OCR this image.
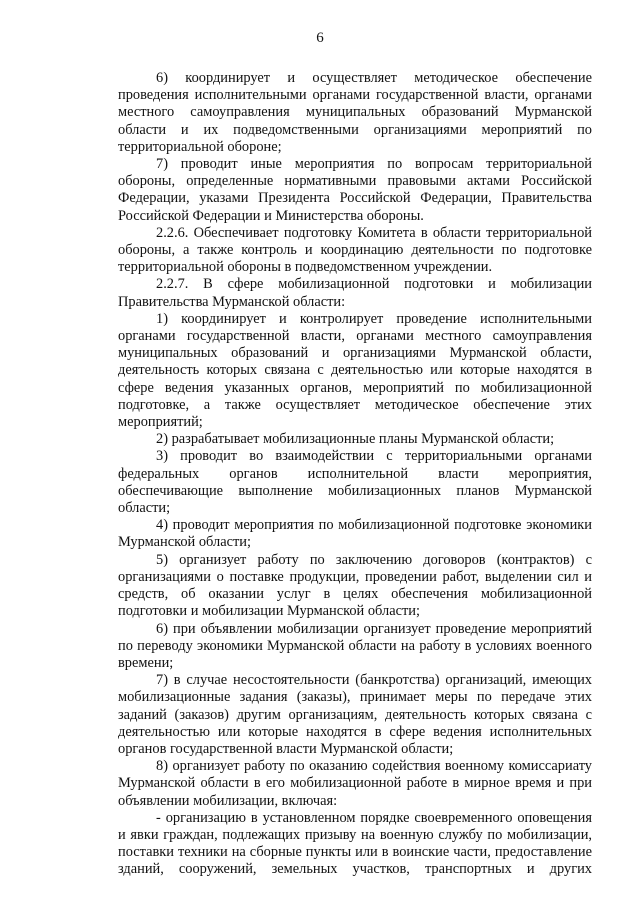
6

6) координирует и осуществляет методическое обеспечение проведения исполнительными органами государственной власти, органами местного самоуправления муниципальных образований Мурманской области и их подведомственными организациями мероприятий по территориальной обороне;

7) проводит иные мероприятия по вопросам территориальной обороны, определенные нормативными правовыми актами Российской Федерации, указами Президента Российской Федерации, Правительства Российской Федерации и Министерства обороны.

2.2.6. Обеспечивает подготовку Комитета в области территориальной обороны, а также контроль и координацию деятельности по подготовке территориальной обороны в подведомственном учреждении.

2.2.7. В сфере мобилизационной подготовки и мобилизации Правительства Мурманской области:

1) координирует и контролирует проведение исполнительными органами государственной власти, органами местного самоуправления муниципальных образований и организациями Мурманской области, деятельность которых связана с деятельностью или которые находятся в сфере ведения указанных органов, мероприятий по мобилизационной подготовке, а также осуществляет методическое обеспечение этих мероприятий;

2) разрабатывает мобилизационные планы Мурманской области;

3) проводит во взаимодействии с территориальными органами федеральных органов исполнительной власти мероприятия, обеспечивающие выполнение мобилизационных планов Мурманской области;

4) проводит мероприятия по мобилизационной подготовке экономики Мурманской области;

5) организует работу по заключению договоров (контрактов) с организациями о поставке продукции, проведении работ, выделении сил и средств, об оказании услуг в целях обеспечения мобилизационной подготовки и мобилизации Мурманской области;

6) при объявлении мобилизации организует проведение мероприятий по переводу экономики Мурманской области на работу в условиях военного времени;

7) в случае несостоятельности (банкротства) организаций, имеющих мобилизационные задания (заказы), принимает меры по передаче этих заданий (заказов) другим организациям, деятельность которых связана с деятельностью или которые находятся в сфере ведения исполнительных органов государственной власти Мурманской области;

8) организует работу по оказанию содействия военному комиссариату Мурманской области в его мобилизационной работе в мирное время и при объявлении мобилизации, включая:

- организацию в установленном порядке своевременного оповещения и явки граждан, подлежащих призыву на военную службу по мобилизации, поставки техники на сборные пункты или в воинские части, предоставление зданий, сооружений, земельных участков, транспортных и других
